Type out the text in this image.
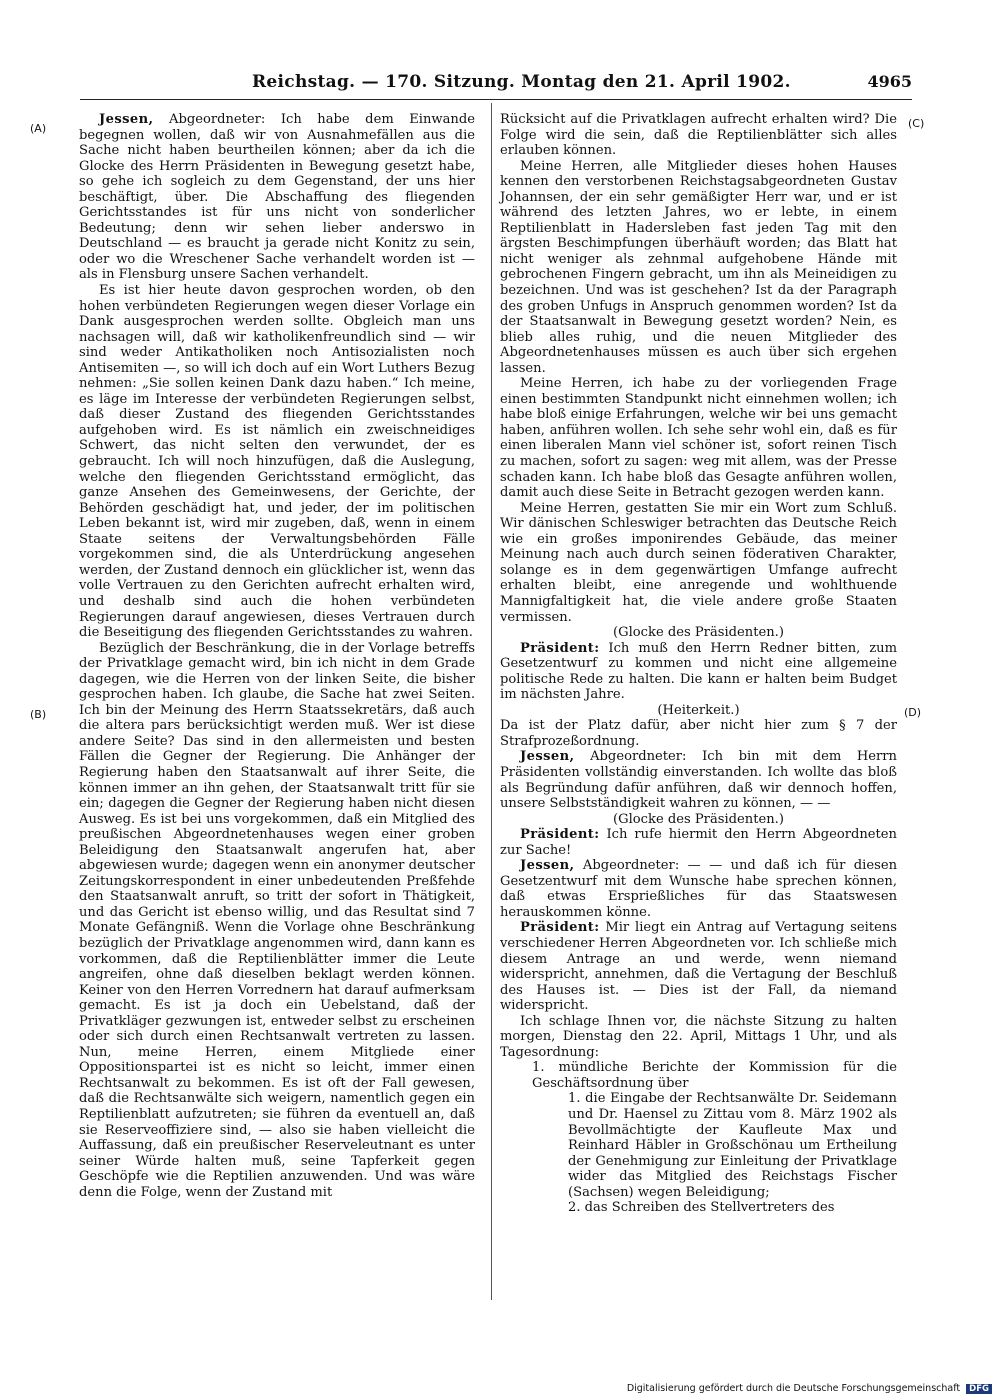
Reichstag. — 170. Sitzung. Montag den 21. April 1902.	4965
(A)
(B)
(C)
(D)

Jessen, Abgeordneter: Ich habe dem Einwande begegnen wollen, daß wir von Ausnahmefällen aus die Sache nicht haben beurtheilen können; aber da ich die Glocke des Herrn Präsidenten in Bewegung gesetzt habe, so gehe ich sogleich zu dem Gegenstand, der uns hier beschäftigt, über. Die Abschaffung des fliegenden Gerichtsstandes ist für uns nicht von sonderlicher Bedeutung; denn wir sehen lieber anderswo in Deutschland — es braucht ja gerade nicht Konitz zu sein, oder wo die Wreschener Sache verhandelt worden ist — als in Flensburg unsere Sachen verhandelt.

Es ist hier heute davon gesprochen worden, ob den hohen verbündeten Regierungen wegen dieser Vorlage ein Dank ausgesprochen werden sollte. Obgleich man uns nachsagen will, daß wir katholikenfreundlich sind — wir sind weder Antikatholiken noch Antisozialisten noch Antisemiten —, so will ich doch auf ein Wort Luthers Bezug nehmen: „Sie sollen keinen Dank dazu haben.“ Ich meine, es läge im Interesse der verbündeten Regierungen selbst, daß dieser Zustand des fliegenden Gerichtsstandes aufgehoben wird. Es ist nämlich ein zweischneidiges Schwert, das nicht selten den verwundet, der es gebraucht. Ich will noch hinzufügen, daß die Auslegung, welche den fliegenden Gerichtsstand ermöglicht, das ganze Ansehen des Gemeinwesens, der Gerichte, der Behörden geschädigt hat, und jeder, der im politischen Leben bekannt ist, wird mir zugeben, daß, wenn in einem Staate seitens der Verwaltungsbehörden Fälle vorgekommen sind, die als Unterdrückung angesehen werden, der Zustand dennoch ein glücklicher ist, wenn das volle Vertrauen zu den Gerichten aufrecht erhalten wird, und deshalb sind auch die hohen verbündeten Regierungen darauf angewiesen, dieses Vertrauen durch die Beseitigung des fliegenden Gerichtsstandes zu wahren.

Bezüglich der Beschränkung, die in der Vorlage betreffs der Privatklage gemacht wird, bin ich nicht in dem Grade dagegen, wie die Herren von der linken Seite, die bisher gesprochen haben. Ich glaube, die Sache hat zwei Seiten. Ich bin der Meinung des Herrn Staatssekretärs, daß auch die altera pars berücksichtigt werden muß. Wer ist diese andere Seite? Das sind in den allermeisten und besten Fällen die Gegner der Regierung. Die Anhänger der Regierung haben den Staatsanwalt auf ihrer Seite, die können immer an ihn gehen, der Staatsanwalt tritt für sie ein; dagegen die Gegner der Regierung haben nicht diesen Ausweg. Es ist bei uns vorgekommen, daß ein Mitglied des preußischen Abgeordnetenhauses wegen einer groben Beleidigung den Staatsanwalt angerufen hat, aber abgewiesen wurde; dagegen wenn ein anonymer deutscher Zeitungskorrespondent in einer unbedeutenden Preßfehde den Staatsanwalt anruft, so tritt der sofort in Thätigkeit, und das Gericht ist ebenso willig, und das Resultat sind 7 Monate Gefängniß. Wenn die Vorlage ohne Beschränkung bezüglich der Privatklage angenommen wird, dann kann es vorkommen, daß die Reptilienblätter immer die Leute angreifen, ohne daß dieselben beklagt werden können. Keiner von den Herren Vorrednern hat darauf aufmerksam gemacht. Es ist ja doch ein Uebelstand, daß der Privatkläger gezwungen ist, entweder selbst zu erscheinen oder sich durch einen Rechtsanwalt vertreten zu lassen. Nun, meine Herren, einem Mitgliede einer Oppositionspartei ist es nicht so leicht, immer einen Rechtsanwalt zu bekommen. Es ist oft der Fall gewesen, daß die Rechtsanwälte sich weigern, namentlich gegen ein Reptilienblatt aufzutreten; sie führen da eventuell an, daß sie Reserveoffiziere sind, — also sie haben vielleicht die Auffassung, daß ein preußischer Reserveleutnant es unter seiner Würde halten muß, seine Tapferkeit gegen Geschöpfe wie die Reptilien anzuwenden. Und was wäre denn die Folge, wenn der Zustand mit

Rücksicht auf die Privatklagen aufrecht erhalten wird? Die Folge wird die sein, daß die Reptilienblätter sich alles erlauben können.

Meine Herren, alle Mitglieder dieses hohen Hauses kennen den verstorbenen Reichstagsabgeordneten Gustav Johannsen, der ein sehr gemäßigter Herr war, und er ist während des letzten Jahres, wo er lebte, in einem Reptilienblatt in Hadersleben fast jeden Tag mit den ärgsten Beschimpfungen überhäuft worden; das Blatt hat nicht weniger als zehnmal aufgehobene Hände mit gebrochenen Fingern gebracht, um ihn als Meineidigen zu bezeichnen. Und was ist geschehen? Ist da der Paragraph des groben Unfugs in Anspruch genommen worden? Ist da der Staatsanwalt in Bewegung gesetzt worden? Nein, es blieb alles ruhig, und die neuen Mitglieder des Abgeordnetenhauses müssen es auch über sich ergehen lassen.

Meine Herren, ich habe zu der vorliegenden Frage einen bestimmten Standpunkt nicht einnehmen wollen; ich habe bloß einige Erfahrungen, welche wir bei uns gemacht haben, anführen wollen. Ich sehe sehr wohl ein, daß es für einen liberalen Mann viel schöner ist, sofort reinen Tisch zu machen, sofort zu sagen: weg mit allem, was der Presse schaden kann. Ich habe bloß das Gesagte anführen wollen, damit auch diese Seite in Betracht gezogen werden kann.

Meine Herren, gestatten Sie mir ein Wort zum Schluß. Wir dänischen Schleswiger betrachten das Deutsche Reich wie ein großes imponirendes Gebäude, das meiner Meinung nach auch durch seinen föderativen Charakter, solange es in dem gegenwärtigen Umfange aufrecht erhalten bleibt, eine anregende und wohlthuende Mannigfaltigkeit hat, die viele andere große Staaten vermissen.

(Glocke des Präsidenten.)

Präsident: Ich muß den Herrn Redner bitten, zum Gesetzentwurf zu kommen und nicht eine allgemeine politische Rede zu halten. Die kann er halten beim Budget im nächsten Jahre.

(Heiterkeit.)

Da ist der Platz dafür, aber nicht hier zum § 7 der Strafprozeßordnung.

Jessen, Abgeordneter: Ich bin mit dem Herrn Präsidenten vollständig einverstanden. Ich wollte das bloß als Begründung dafür anführen, daß wir dennoch hoffen, unsere Selbstständigkeit wahren zu können, — —

(Glocke des Präsidenten.)

Präsident: Ich rufe hiermit den Herrn Abgeordneten zur Sache!

Jessen, Abgeordneter: — — und daß ich für diesen Gesetzentwurf mit dem Wunsche habe sprechen können, daß etwas Ersprießliches für das Staatswesen herauskommen könne.

Präsident: Mir liegt ein Antrag auf Vertagung seitens verschiedener Herren Abgeordneten vor. Ich schließe mich diesem Antrage an und werde, wenn niemand widerspricht, annehmen, daß die Vertagung der Beschluß des Hauses ist. — Dies ist der Fall, da niemand widerspricht.

Ich schlage Ihnen vor, die nächste Sitzung zu halten morgen, Dienstag den 22. April, Mittags 1 Uhr, und als Tagesordnung:

1. mündliche Berichte der Kommission für die Geschäftsordnung über

1. die Eingabe der Rechtsanwälte Dr. Seidemann und Dr. Haensel zu Zittau vom 8. März 1902 als Bevollmächtigte der Kaufleute Max und Reinhard Häbler in Großschönau um Ertheilung der Genehmigung zur Einleitung der Privatklage wider das Mitglied des Reichstags Fischer (Sachsen) wegen Beleidigung;

2. das Schreiben des Stellvertreters des

Digitalisierung gefördert durch die Deutsche Forschungsgemeinschaft DFG
